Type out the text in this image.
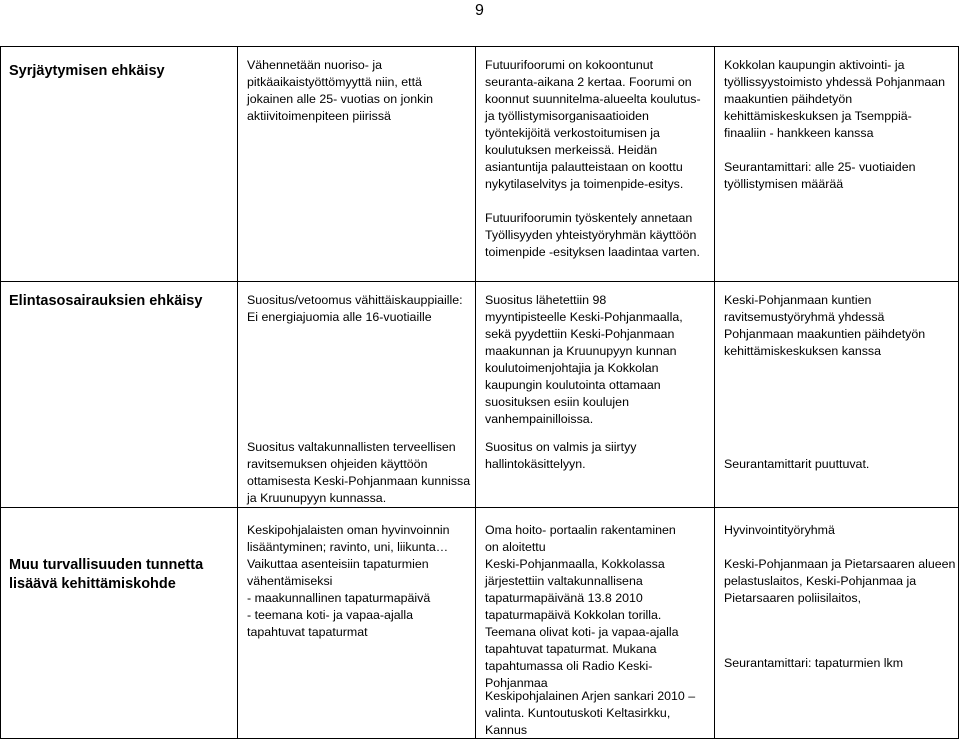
9

Syrjäytymisen ehkäisy	Vähennetään nuoriso- ja
pitkäaikaistyöttömyyttä niin, että
jokainen alle 25- vuotias on jonkin
aktiivitoimenpiteen piirissä

Futuurifoorumi on kokoontunut
seuranta-aikana 2 kertaa. Foorumi on
koonnut suunnitelma-alueelta koulutus-
ja työllistymisorganisaatioiden
työntekijöitä verkostoitumisen ja
koulutuksen merkeissä. Heidän
asiantuntija palautteistaan on koottu
nykytilaselvitys ja toimenpide-esitys.

Futuurifoorumin työskentely annetaan
Työllisyyden yhteistyöryhmän käyttöön
toimenpide -esityksen laadintaa varten.

Kokkolan kaupungin aktivointi- ja
työllissyystoimisto yhdessä Pohjanmaan
maakuntien päihdetyön
kehittämiskeskuksen ja Tsemppiä-
finaaliin - hankkeen kanssa

Seurantamittari: alle 25- vuotiaiden
työllistymisen määrää

Elintasosairauksien ehkäisy	Suositus/vetoomus vähittäiskauppiaille:
Ei energiajuomia alle 16-vuotiaille

Suositus valtakunnallisten terveellisen
ravitsemuksen ohjeiden käyttöön
ottamisesta Keski-Pohjanmaan kunnissa
ja Kruunupyyn kunnassa.

Suositus lähetettiin 98
myyntipisteelle Keski-Pohjanmaalla,
sekä pyydettiin Keski-Pohjanmaan
maakunnan ja Kruunupyyn kunnan
koulutoimenjohtajia ja Kokkolan
kaupungin koulutointa ottamaan
suosituksen esiin koulujen
vanhempainilloissa.

Suositus on valmis ja siirtyy
hallintokäsittelyyn.

Keski-Pohjanmaan kuntien
ravitsemustyöryhmä yhdessä
Pohjanmaan maakuntien päihdetyön
kehittämiskeskuksen kanssa

Seurantamittarit puuttuvat.

Muu turvallisuuden tunnetta
lisäävä kehittämiskohde

Keskipohjalaisten oman hyvinvoinnin
lisääntyminen; ravinto, uni, liikunta…
Vaikuttaa asenteisiin tapaturmien
vähentämiseksi
- maakunnallinen tapaturmapäivä
- teemana koti- ja vapaa-ajalla
tapahtuvat tapaturmat

Oma hoito- portaalin rakentaminen
on aloitettu

Keski-Pohjanmaalla, Kokkolassa
järjestettiin valtakunnallisena
tapaturmapäivänä 13.8 2010
tapaturmapäivä Kokkolan torilla.
Teemana olivat koti- ja vapaa-ajalla
tapahtuvat tapaturmat. Mukana
tapahtumassa oli Radio Keski-Pohjanmaa

Keskipohjalainen Arjen sankari 2010 –
valinta. Kuntoutuskoti Keltasirkku,
Kannus

Hyvinvointityöryhmä

Keski-Pohjanmaan ja Pietarsaaren alueen
pelastuslaitos, Keski-Pohjanmaa ja
Pietarsaaren poliisilaitos,

Seurantamittari: tapaturmien lkm
